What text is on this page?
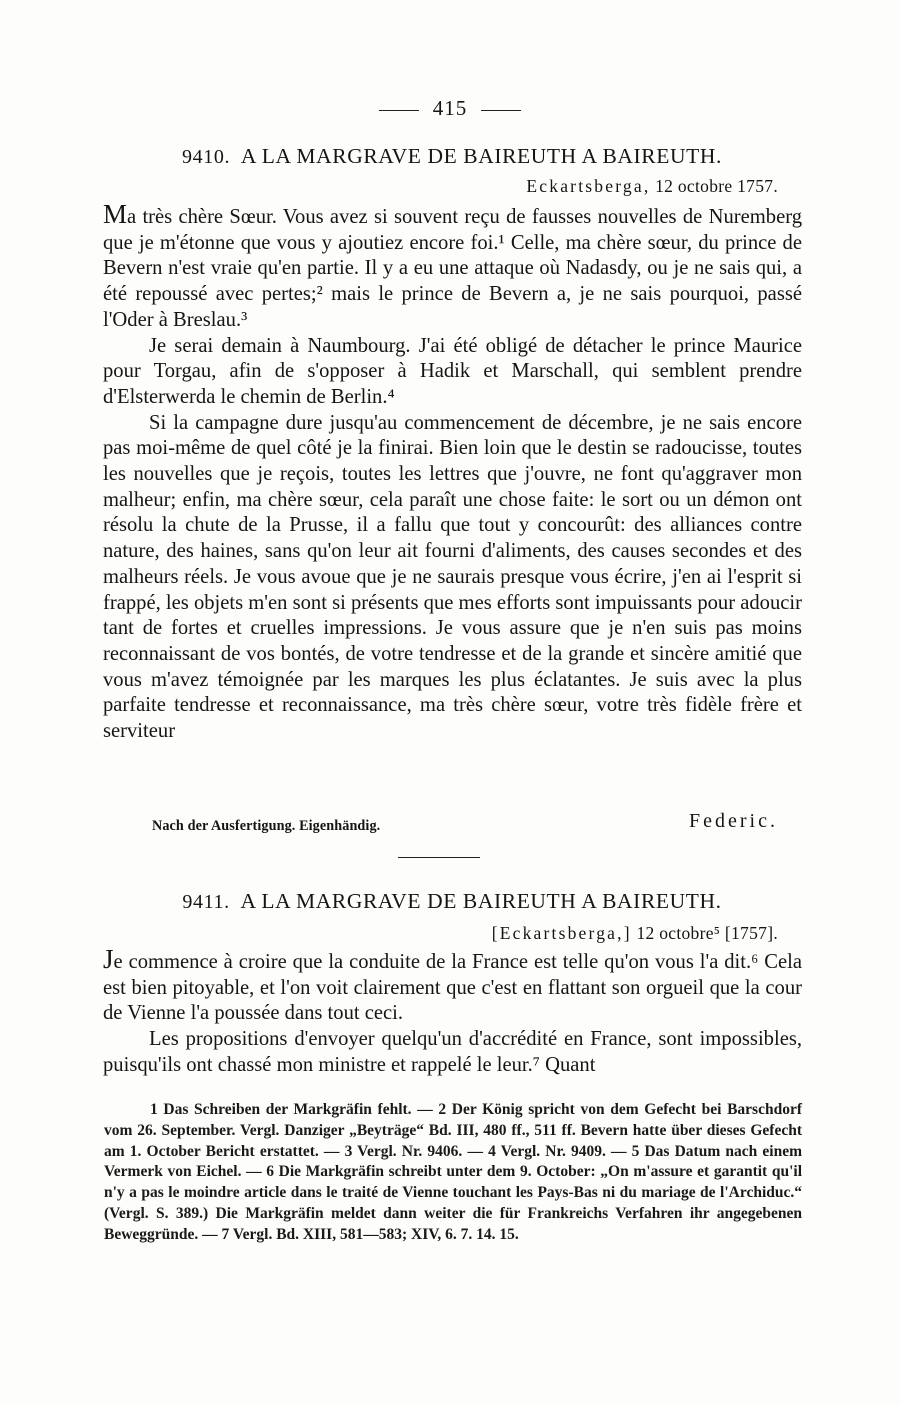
415
9410. A LA MARGRAVE DE BAIREUTH A BAIREUTH.
Eckartsberga, 12 octobre 1757.

Ma très chère Sœur. Vous avez si souvent reçu de fausses nouvelles de Nuremberg que je m'étonne que vous y ajoutiez encore foi.¹ Celle, ma chère sœur, du prince de Bevern n'est vraie qu'en partie. Il y a eu une attaque où Nadasdy, ou je ne sais qui, a été repoussé avec pertes;² mais le prince de Bevern a, je ne sais pourquoi, passé l'Oder à Breslau.³

Je serai demain à Naumbourg. J'ai été obligé de détacher le prince Maurice pour Torgau, afin de s'opposer à Hadik et Marschall, qui semblent prendre d'Elsterwerda le chemin de Berlin.⁴

Si la campagne dure jusqu'au commencement de décembre, je ne sais encore pas moi-même de quel côté je la finirai. Bien loin que le destin se radoucisse, toutes les nouvelles que je reçois, toutes les lettres que j'ouvre, ne font qu'aggraver mon malheur; enfin, ma chère sœur, cela paraît une chose faite: le sort ou un démon ont résolu la chute de la Prusse, il a fallu que tout y concourût: des alliances contre nature, des haines, sans qu'on leur ait fourni d'aliments, des causes secondes et des malheurs réels. Je vous avoue que je ne saurais presque vous écrire, j'en ai l'esprit si frappé, les objets m'en sont si présents que mes efforts sont impuissants pour adoucir tant de fortes et cruelles impressions. Je vous assure que je n'en suis pas moins reconnaissant de vos bontés, de votre tendresse et de la grande et sincère amitié que vous m'avez témoignée par les marques les plus éclatantes. Je suis avec la plus parfaite tendresse et reconnaissance, ma très chère sœur, votre très fidèle frère et serviteur

Nach der Ausfertigung. Eigenhändig.	Federic.
9411. A LA MARGRAVE DE BAIREUTH A BAIREUTH.
[Eckartsberga,] 12 octobre⁵ [1757].

Je commence à croire que la conduite de la France est telle qu'on vous l'a dit.⁶ Cela est bien pitoyable, et l'on voit clairement que c'est en flattant son orgueil que la cour de Vienne l'a poussée dans tout ceci.

Les propositions d'envoyer quelqu'un d'accrédité en France, sont impossibles, puisqu'ils ont chassé mon ministre et rappelé le leur.⁷ Quant

1 Das Schreiben der Markgräfin fehlt. — 2 Der König spricht von dem Gefecht bei Barschdorf vom 26. September. Vergl. Danziger „Beyträge“ Bd. III, 480 ff., 511 ff. Bevern hatte über dieses Gefecht am 1. October Bericht erstattet. — 3 Vergl. Nr. 9406. — 4 Vergl. Nr. 9409. — 5 Das Datum nach einem Vermerk von Eichel. — 6 Die Markgräfin schreibt unter dem 9. October: „On m'assure et garantit qu'il n'y a pas le moindre article dans le traité de Vienne touchant les Pays-Bas ni du mariage de l'Archiduc.“ (Vergl. S. 389.) Die Markgräfin meldet dann weiter die für Frankreichs Verfahren ihr angegebenen Beweggründe. — 7 Vergl. Bd. XIII, 581—583; XIV, 6. 7. 14. 15.
